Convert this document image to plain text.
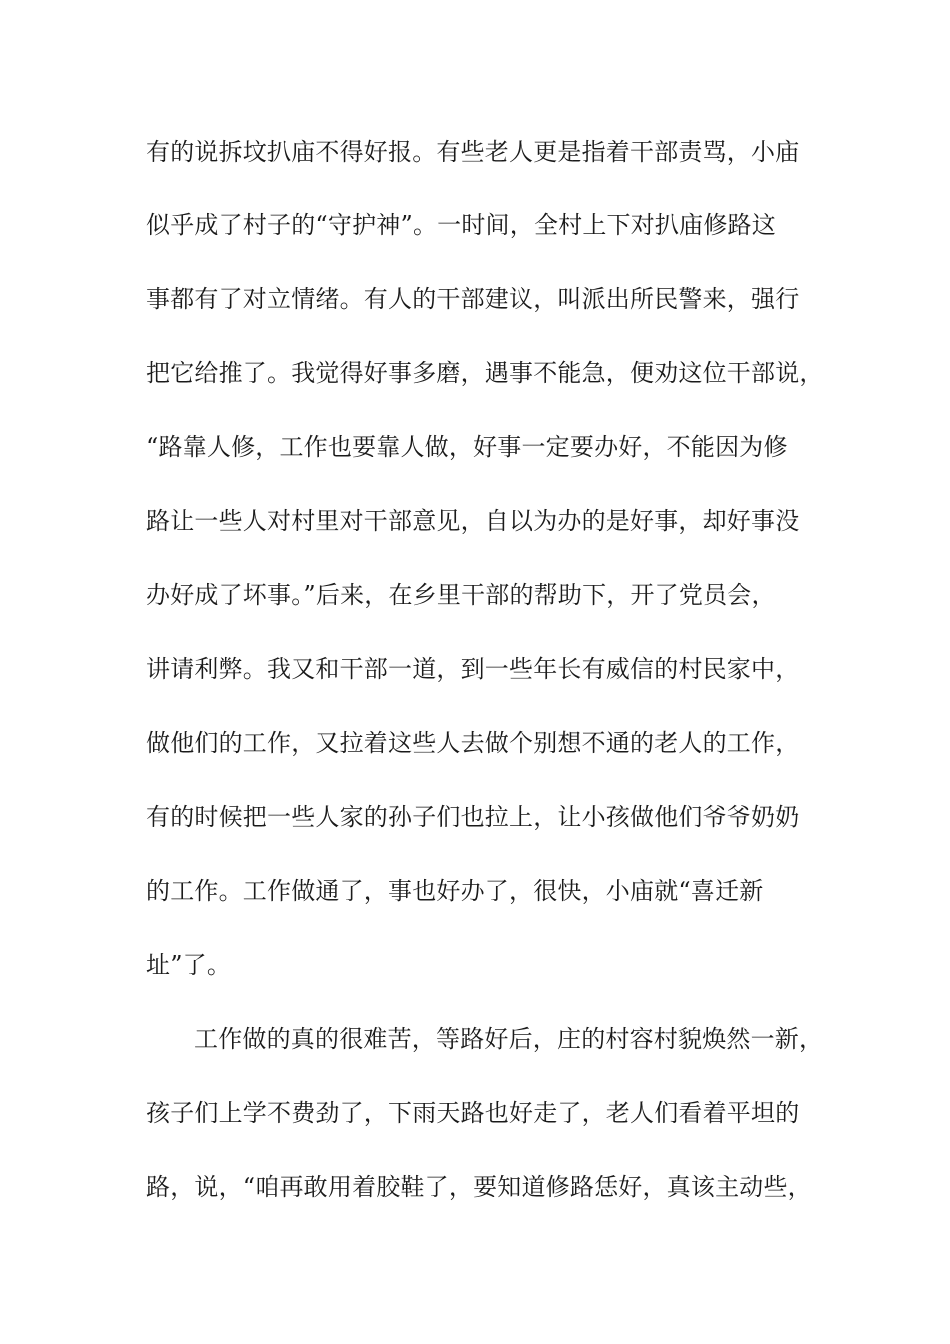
有的说拆坟扒庙不得好报。有些老人更是指着干部责骂，小庙
似乎成了村子的“守护神”。一时间，全村上下对扒庙修路这
事都有了对立情绪。有人的干部建议，叫派出所民警来，强行
把它给推了。我觉得好事多磨，遇事不能急，便劝这位干部说，
“路靠人修，工作也要靠人做，好事一定要办好，不能因为修
路让一些人对村里对干部意见，自以为办的是好事，却好事没
办好成了坏事。”后来，在乡里干部的帮助下，开了党员会，
讲请利弊。我又和干部一道，到一些年长有威信的村民家中，
做他们的工作，又拉着这些人去做个别想不通的老人的工作，
有的时候把一些人家的孙子们也拉上，让小孩做他们爷爷奶奶
的工作。工作做通了，事也好办了，很快，小庙就“喜迁新
址”了。
工作做的真的很难苦，等路好后，庄的村容村貌焕然一新，
孩子们上学不费劲了，下雨天路也好走了，老人们看着平坦的
路，说，“咱再敢用着胶鞋了，要知道修路恁好，真该主动些，
